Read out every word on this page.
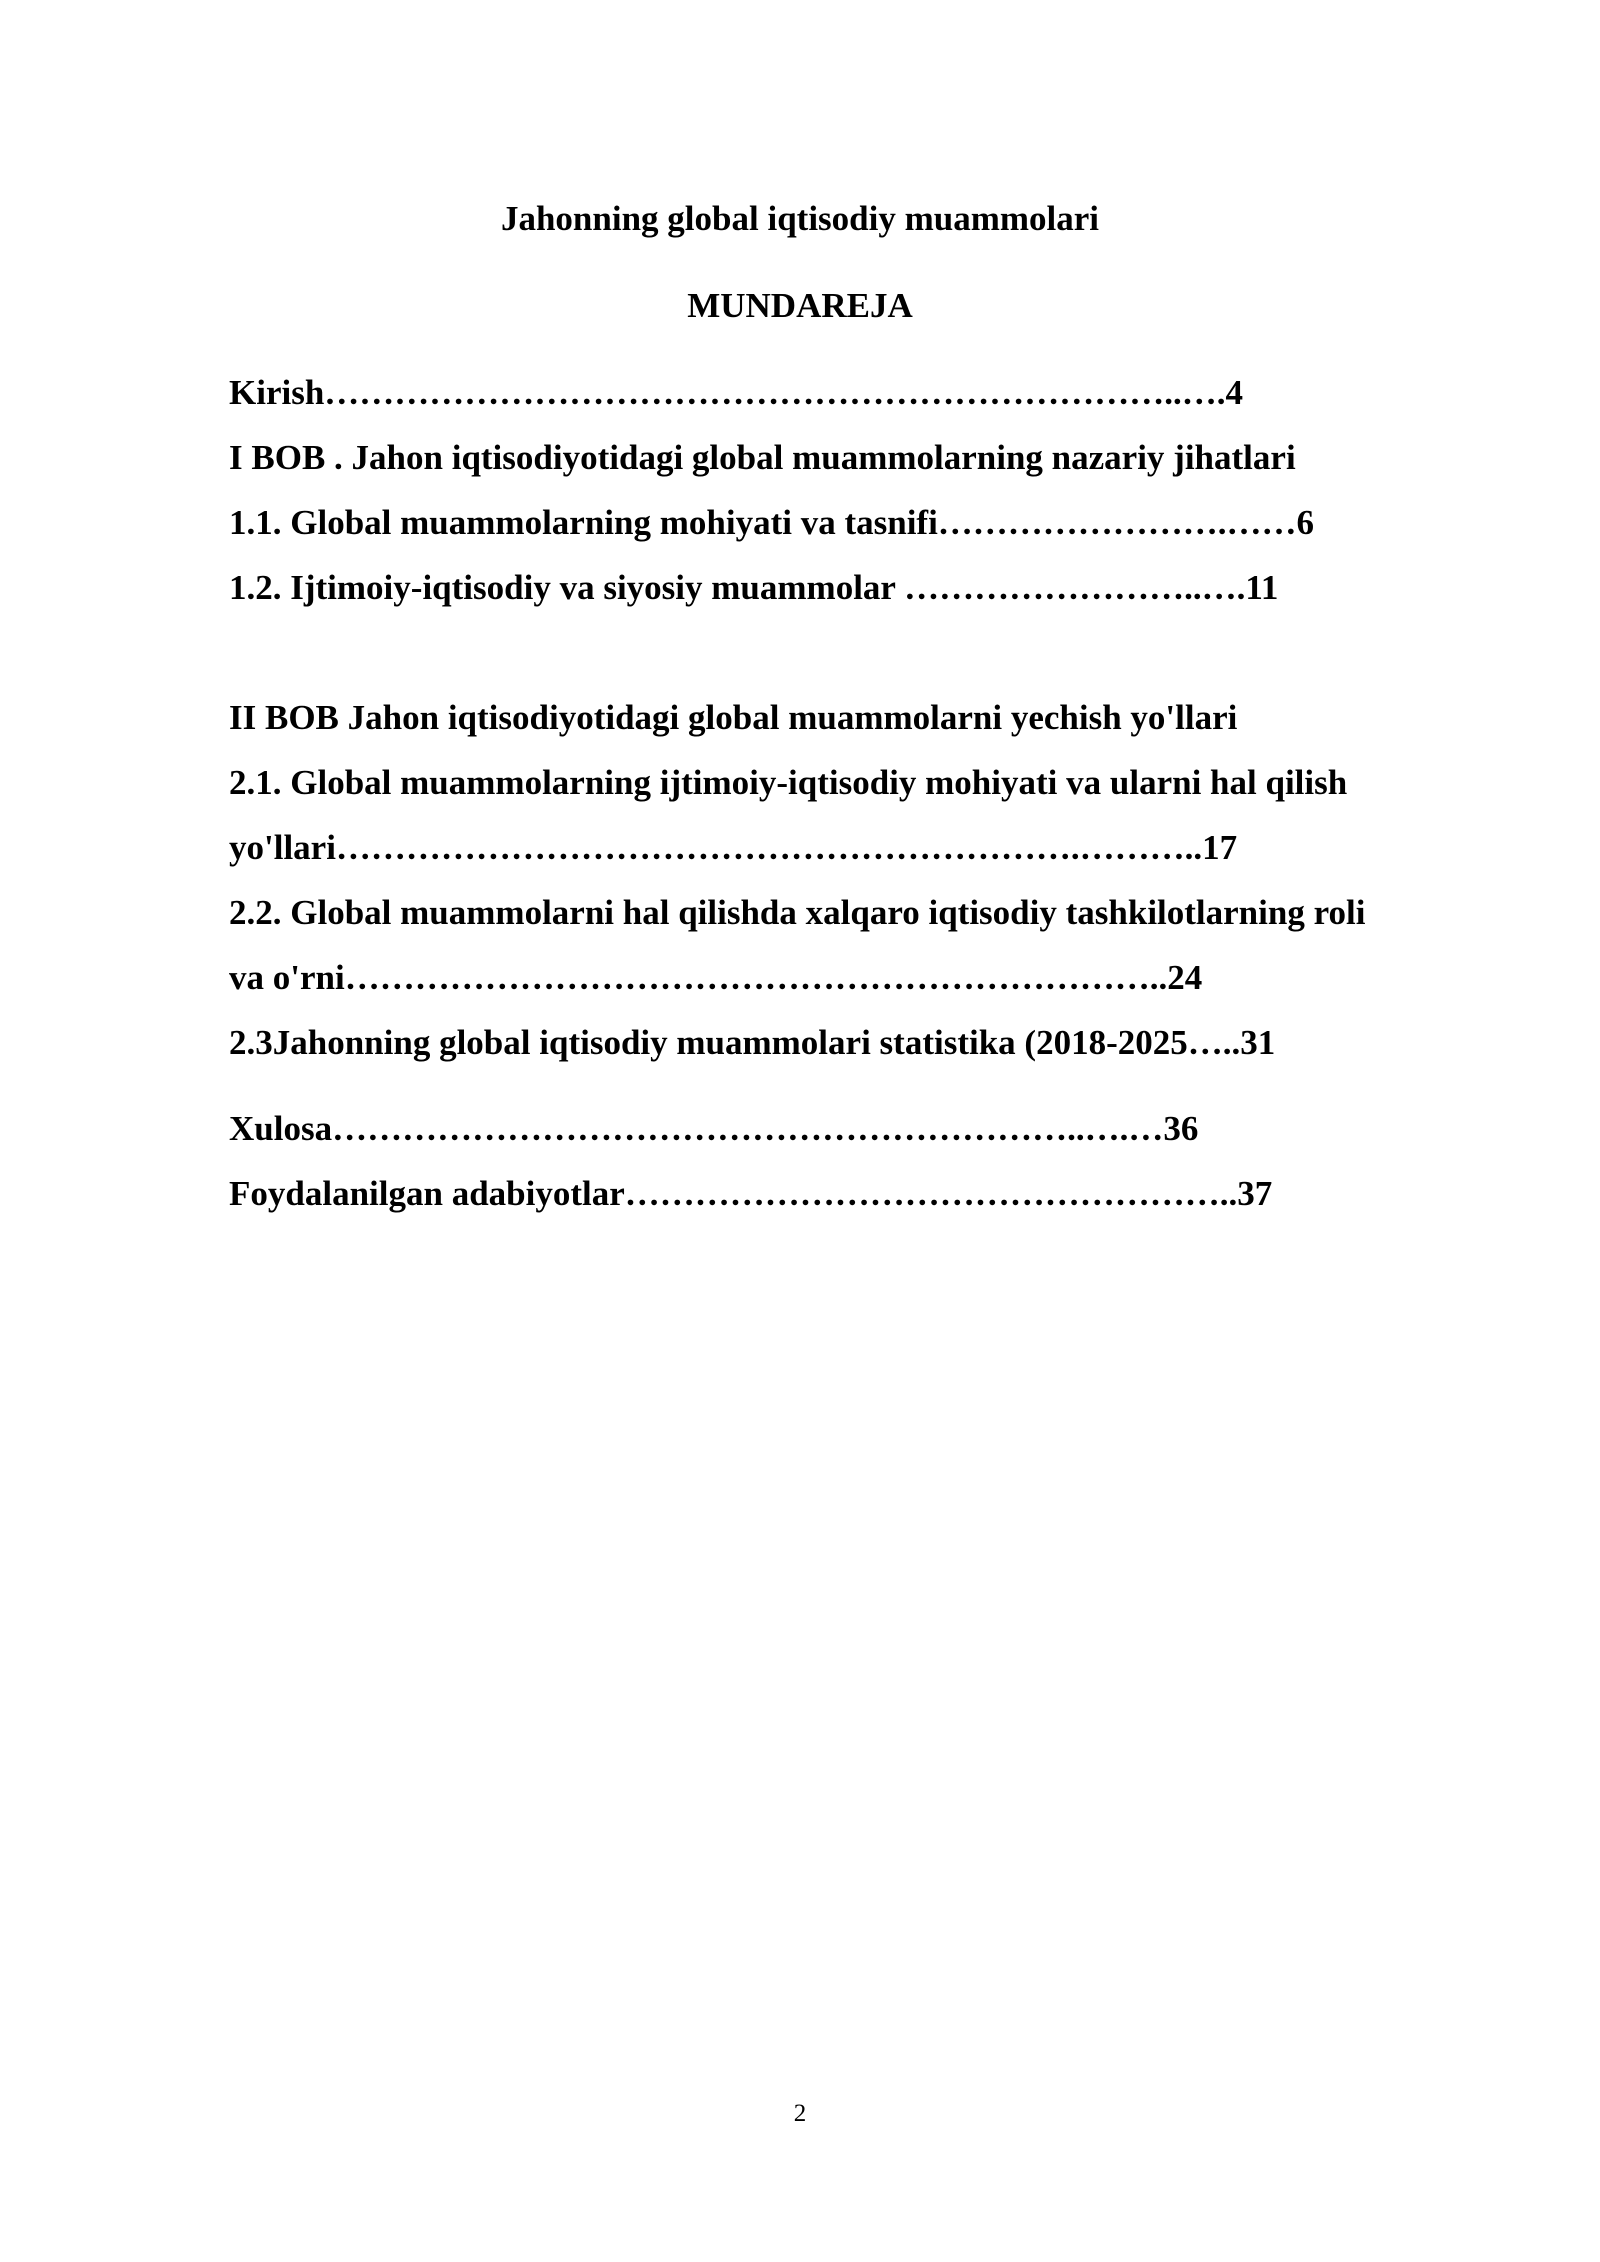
Jahonning global iqtisodiy muammolari
MUNDAREJA
Kirish………………………………………………………………..….4
I BOB . Jahon iqtisodiyotidagi global muammolarning nazariy jihatlari
1.1. Global muammolarning mohiyati va tasnifi…………………….……6
1.2. Ijtimoiy-iqtisodiy va siyosiy muammolar ……………………..….11
II BOB Jahon iqtisodiyotidagi global muammolarni yechish yo'llari
2.1. Global muammolarning ijtimoiy-iqtisodiy mohiyati va ularni hal qilish
yo'llari……………………………………………………….………..17
2.2. Global muammolarni hal qilishda xalqaro iqtisodiy tashkilotlarning roli
va o'rni……………………………………………………………..24
2.3Jahonning global iqtisodiy muammolari statistika (2018-2025…..31
Xulosa………………………………………………………..….…36
Foydalanilgan adabiyotlar……………………………………………..37
2
